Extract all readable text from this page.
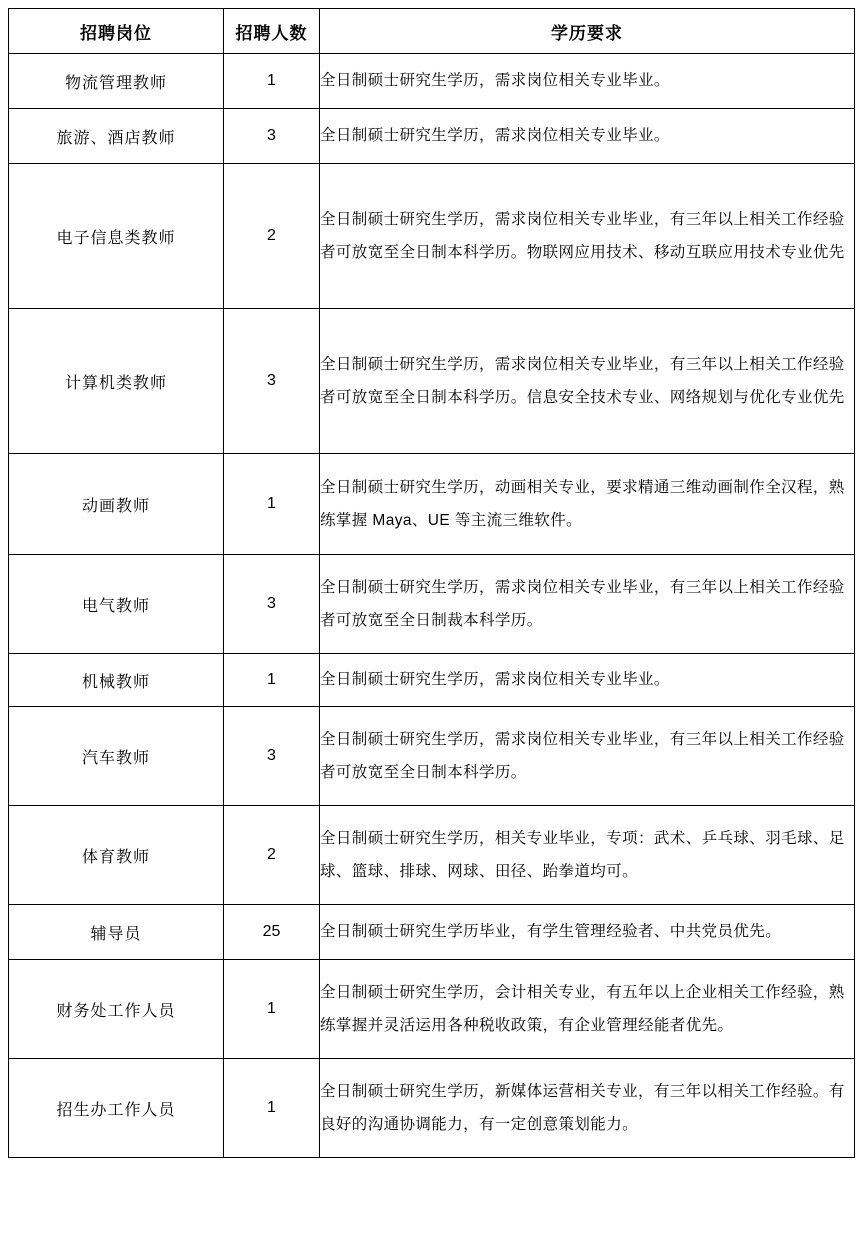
招聘岗位	招聘人数	学历要求
物流管理教师	1	全日制硕士研究生学历，需求岗位相关专业毕业。
旅游、酒店教师	3	全日制硕士研究生学历，需求岗位相关专业毕业。
电子信息类教师	2	全日制硕士研究生学历，需求岗位相关专业毕业，有三年以上相关工作经验者可放宽至全日制本科学历。物联网应用技术、移动互联应用技术专业优先
计算机类教师	3	全日制硕士研究生学历，需求岗位相关专业毕业，有三年以上相关工作经验者可放宽至全日制本科学历。信息安全技术专业、网络规划与优化专业优先
动画教师	1	全日制硕士研究生学历，动画相关专业，要求精通三维动画制作全汉程，熟练掌握 Maya、UE 等主流三维软件。
电气教师	3	全日制硕士研究生学历，需求岗位相关专业毕业，有三年以上相关工作经验者可放宽至全日制裁本科学历。
机械教师	1	全日制硕士研究生学历，需求岗位相关专业毕业。
汽车教师	3	全日制硕士研究生学历，需求岗位相关专业毕业，有三年以上相关工作经验者可放宽至全日制本科学历。
体育教师	2	全日制硕士研究生学历，相关专业毕业，专项：武术、乒乓球、羽毛球、足球、篮球、排球、网球、田径、跆拳道均可。
辅导员	25	全日制硕士研究生学历毕业，有学生管理经验者、中共党员优先。
财务处工作人员	1	全日制硕士研究生学历，会计相关专业，有五年以上企业相关工作经验，熟练掌握并灵活运用各种税收政策，有企业管理经能者优先。
招生办工作人员	1	全日制硕士研究生学历，新媒体运营相关专业，有三年以相关工作经验。有良好的沟通协调能力，有一定创意策划能力。
